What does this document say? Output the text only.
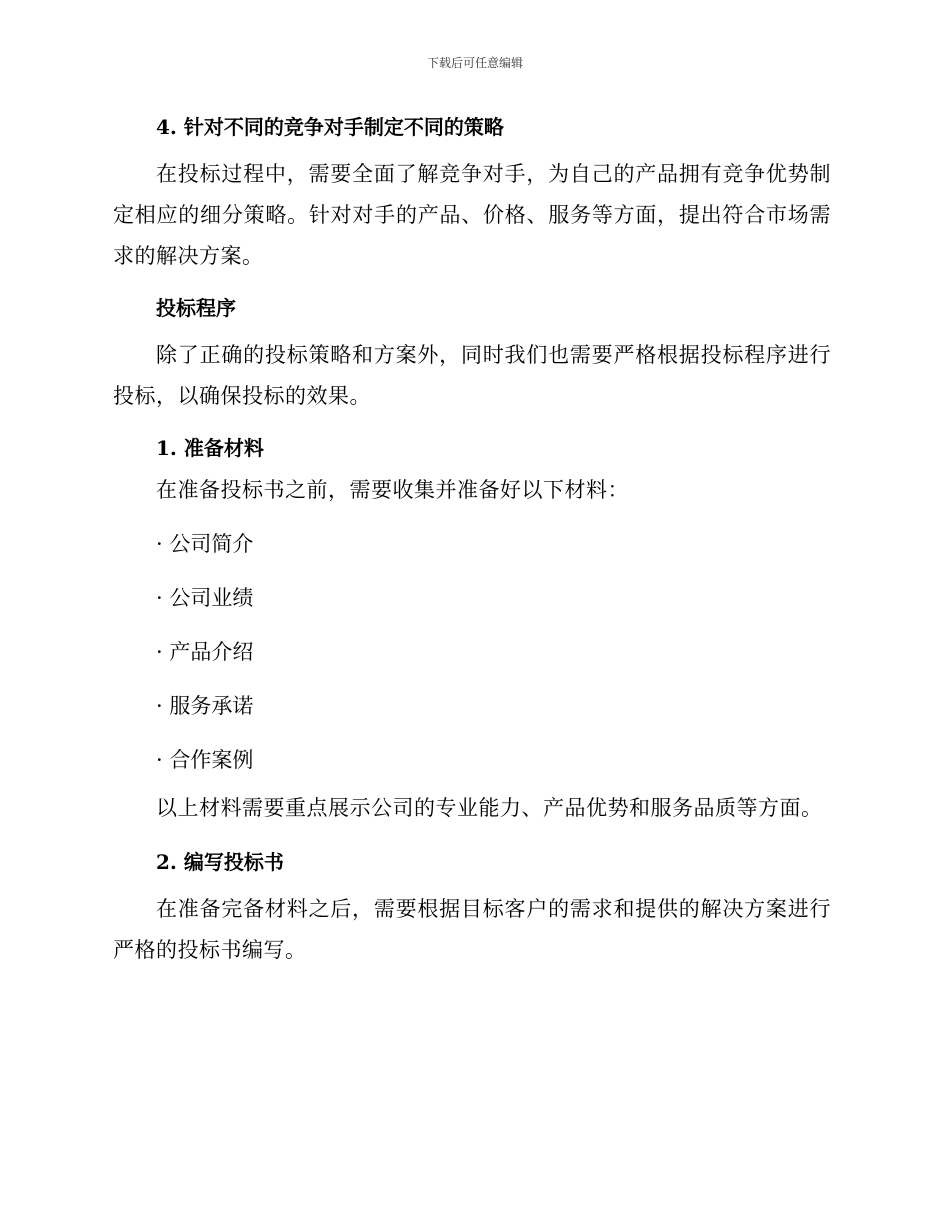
下载后可任意编辑
4. 针对不同的竞争对手制定不同的策略

在投标过程中，需要全面了解竞争对手，为自己的产品拥有竞争优势制定相应的细分策略。针对对手的产品、价格、服务等方面，提出符合市场需求的解决方案。

投标程序

除了正确的投标策略和方案外，同时我们也需要严格根据投标程序进行投标，以确保投标的效果。

1. 准备材料

在准备投标书之前，需要收集并准备好以下材料：

· 公司简介

· 公司业绩

· 产品介绍

· 服务承诺

· 合作案例

以上材料需要重点展示公司的专业能力、产品优势和服务品质等方面。

2. 编写投标书

在准备完备材料之后，需要根据目标客户的需求和提供的解决方案进行严格的投标书编写。
